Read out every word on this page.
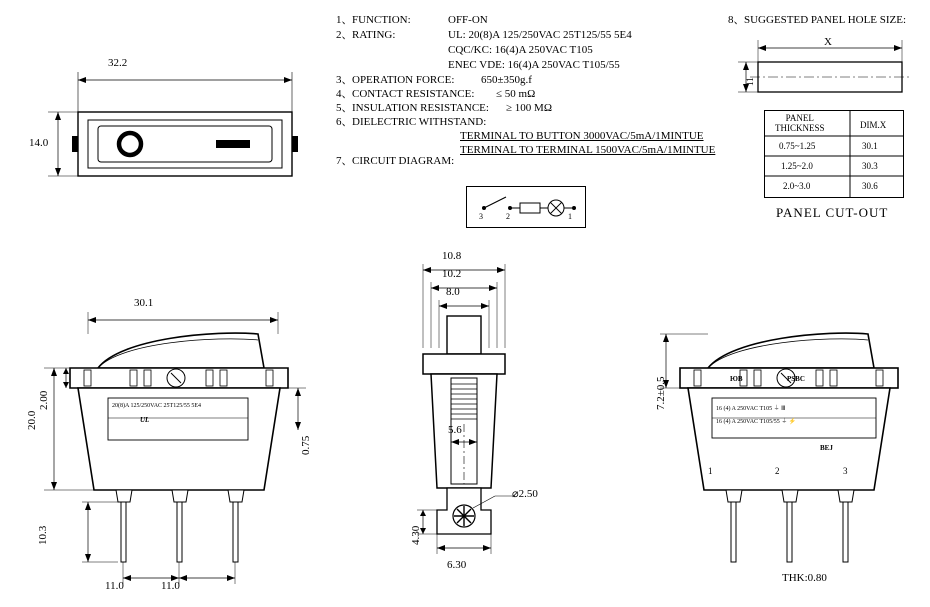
32.2
14.0
1、 FUNCTION:	OFF-ON
2、 RATING:	UL: 20(8)A 125/250VAC 25T125/55 5E4
CQC/KC: 16(4)A 250VAC T105
ENEC VDE: 16(4)A 250VAC T105/55
3、 OPERATION FORCE: 650±350g.f
4、 CONTACT RESISTANCE: ≤ 50 mΩ
5、 INSULATION RESISTANCE: ≥ 100 MΩ
6、 DIELECTRIC WITHSTAND:
TERMINAL TO BUTTON 3000VAC/5mA/1MINTUE
TERMINAL TO TERMINAL 1500VAC/5mA/1MINTUE
7、 CIRCUIT DIAGRAM:
3	2	1
8、 SUGGESTED PANEL HOLE SIZE:
X
11
PANEL
THICKNESS	DIM.X
0.75~1.25	30.1
1.25~2.0	30.3
2.0~3.0	30.6
PANEL CUT-OUT
30.1
20.0
2.00
0.75
10.3
11.0	11.0
20(8)A 125/250VAC 25T125/55 5E4
UL
10.8
10.2
8.0
5.6
⌀2.50
4.30
6.30
7.2±0.5	ЮB	PSBC
16 (4) A 250VAC T105 ⏚ Ⅲ
16 (4) A 250VAC T105/55 ⏚ ⚡
BEJ
1	2	3
THK:0.80
